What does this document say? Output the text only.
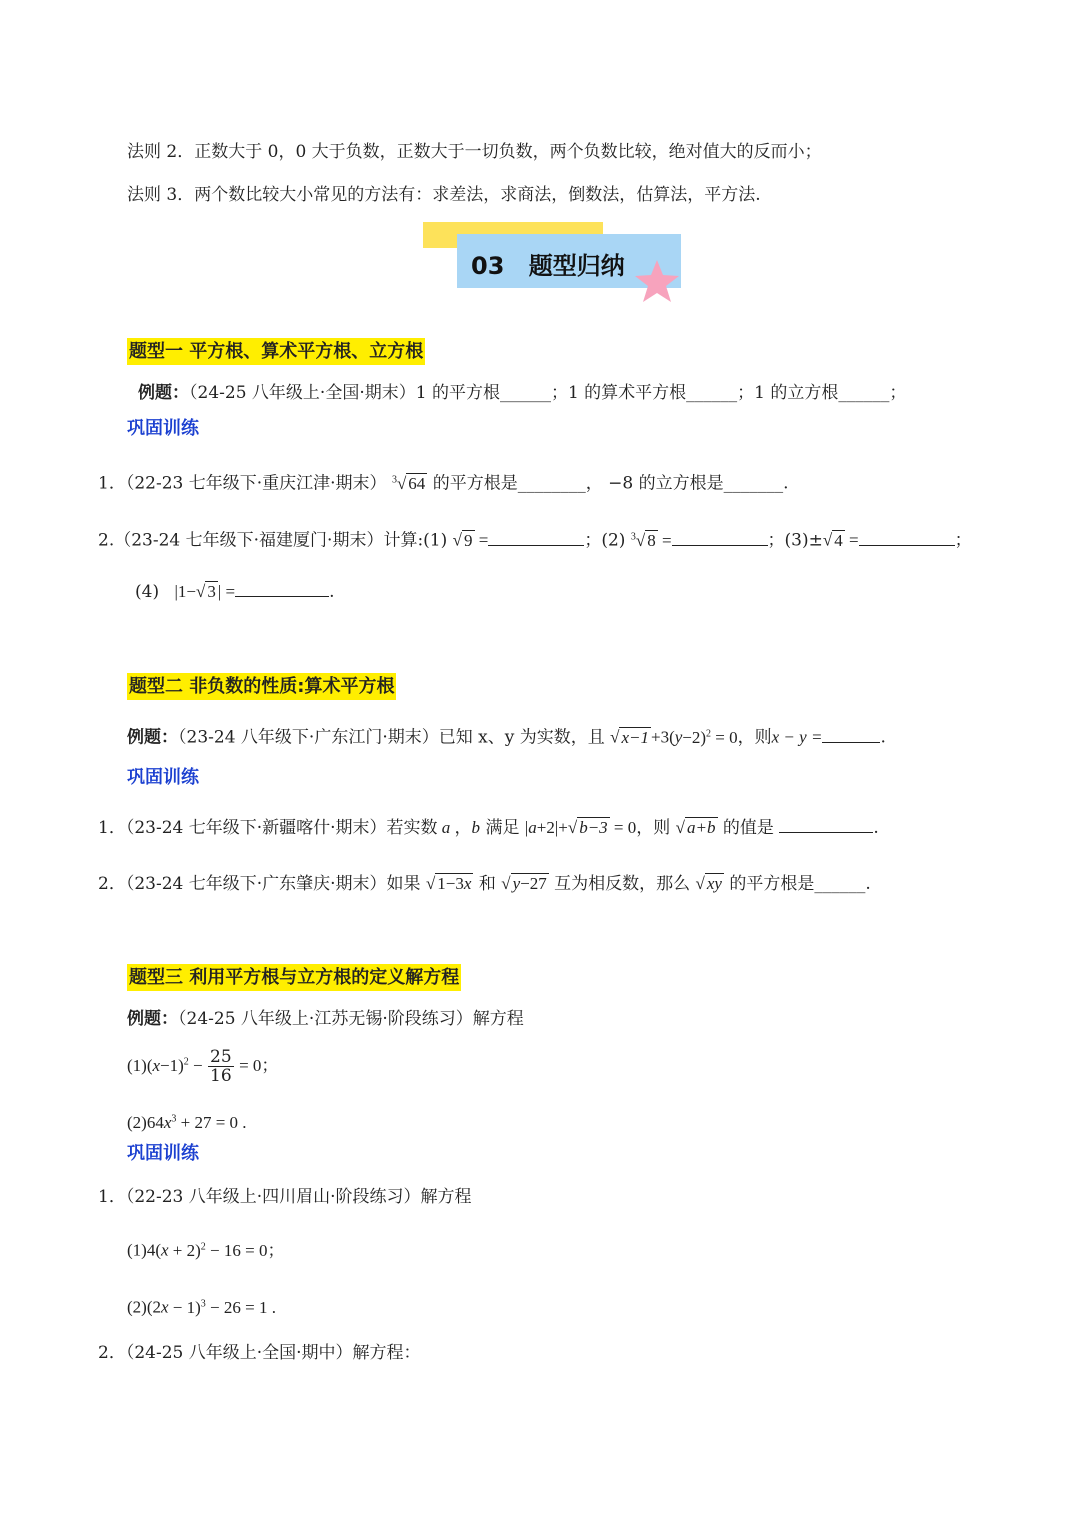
法则 2．正数大于 0，0 大于负数，正数大于一切负数，两个负数比较，绝对值大的反而小；
法则 3．两个数比较大小常见的方法有：求差法，求商法，倒数法，估算法，平方法.
03 题型归纳
题型一 平方根、算术平方根、立方根
例题：（24-25 八年级上·全国·期末）1 的平方根______；1 的算术平方根______；1 的立方根______；
巩固训练
1．（22-23 七年级下·重庆江津·期末） $^3$√ 64 的平方根是________， −8 的立方根是_______.
2.（23-24 七年级下·福建厦门·期末）计算:(1) √ 9 =	；(2) $^3$√ 8 =	；(3)±√ 4 =	；
(4) |1−√ 3 | =	.
题型二 非负数的性质:算术平方根
例题：（23-24 八年级下·广东江门·期末）已知 x、y 为实数，且 √ $x-1 +3(y-2)^2 = 0$，则x − y =	.
巩固训练
1．（23-24 七年级下·新疆喀什·期末）若实数 a ，b 满足 |a+2|+√ b−3 = 0，则 √ a+b 的值是	.
2．（23-24 七年级下·广东肇庆·期末）如果 √ 1−3x 和 √ y−27 互为相反数，那么 √ xy 的平方根是______.
题型三 利用平方根与立方根的定义解方程
例题：（24-25 八年级上·江苏无锡·阶段练习）解方程
$(1)(x-1)^2 - \frac{25}{16} = 0$；
$(2)64x^3 + 27 = 0$ .
巩固训练
1．（22-23 八年级上·四川眉山·阶段练习）解方程
$(1)4(x + 2)^2 - 16 = 0$；
$(2)(2x - 1)^3 - 26 = 1$ .
2．（24-25 八年级上·全国·期中）解方程：
